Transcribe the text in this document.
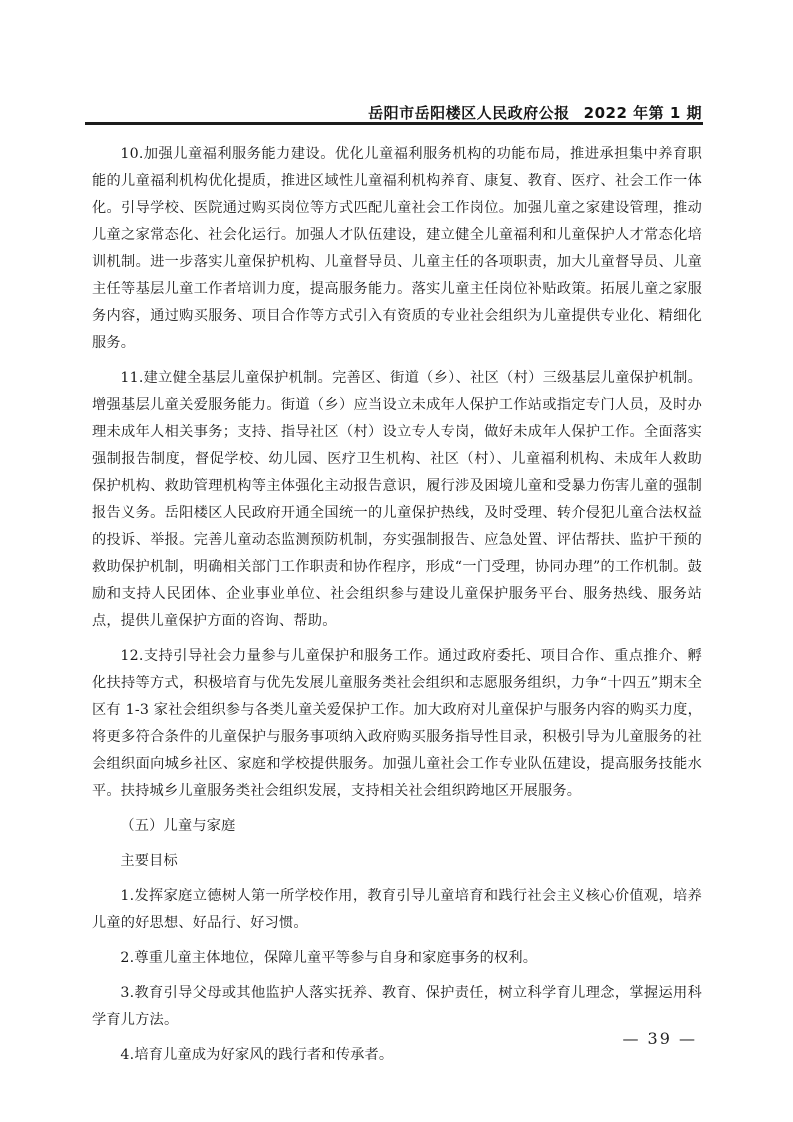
岳阳市岳阳楼区人民政府公报 2022 年第 1 期

10.加强儿童福利服务能力建设。优化儿童福利服务机构的功能布局，推进承担集中养育职能的儿童福利机构优化提质，推进区域性儿童福利机构养育、康复、教育、医疗、社会工作一体化。引导学校、医院通过购买岗位等方式匹配儿童社会工作岗位。加强儿童之家建设管理，推动儿童之家常态化、社会化运行。加强人才队伍建设，建立健全儿童福利和儿童保护人才常态化培训机制。进一步落实儿童保护机构、儿童督导员、儿童主任的各项职责，加大儿童督导员、儿童主任等基层儿童工作者培训力度，提高服务能力。落实儿童主任岗位补贴政策。拓展儿童之家服务内容，通过购买服务、项目合作等方式引入有资质的专业社会组织为儿童提供专业化、精细化服务。

11.建立健全基层儿童保护机制。完善区、街道（乡）、社区（村）三级基层儿童保护机制。增强基层儿童关爱服务能力。街道（乡）应当设立未成年人保护工作站或指定专门人员，及时办理未成年人相关事务；支持、指导社区（村）设立专人专岗，做好未成年人保护工作。全面落实强制报告制度，督促学校、幼儿园、医疗卫生机构、社区（村）、儿童福利机构、未成年人救助保护机构、救助管理机构等主体强化主动报告意识，履行涉及困境儿童和受暴力伤害儿童的强制报告义务。岳阳楼区人民政府开通全国统一的儿童保护热线，及时受理、转介侵犯儿童合法权益的投诉、举报。完善儿童动态监测预防机制，夯实强制报告、应急处置、评估帮扶、监护干预的救助保护机制，明确相关部门工作职责和协作程序，形成“一门受理，协同办理”的工作机制。鼓励和支持人民团体、企业事业单位、社会组织参与建设儿童保护服务平台、服务热线、服务站点，提供儿童保护方面的咨询、帮助。

12.支持引导社会力量参与儿童保护和服务工作。通过政府委托、项目合作、重点推介、孵化扶持等方式，积极培育与优先发展儿童服务类社会组织和志愿服务组织，力争“十四五”期末全区有 1-3 家社会组织参与各类儿童关爱保护工作。加大政府对儿童保护与服务内容的购买力度，将更多符合条件的儿童保护与服务事项纳入政府购买服务指导性目录，积极引导为儿童服务的社会组织面向城乡社区、家庭和学校提供服务。加强儿童社会工作专业队伍建设，提高服务技能水平。扶持城乡儿童服务类社会组织发展，支持相关社会组织跨地区开展服务。

（五）儿童与家庭

主要目标

1.发挥家庭立德树人第一所学校作用，教育引导儿童培育和践行社会主义核心价值观，培养儿童的好思想、好品行、好习惯。

2.尊重儿童主体地位，保障儿童平等参与自身和家庭事务的权利。

3.教育引导父母或其他监护人落实抚养、教育、保护责任，树立科学育儿理念，掌握运用科学育儿方法。

4.培育儿童成为好家风的践行者和传承者。

— 39 —
